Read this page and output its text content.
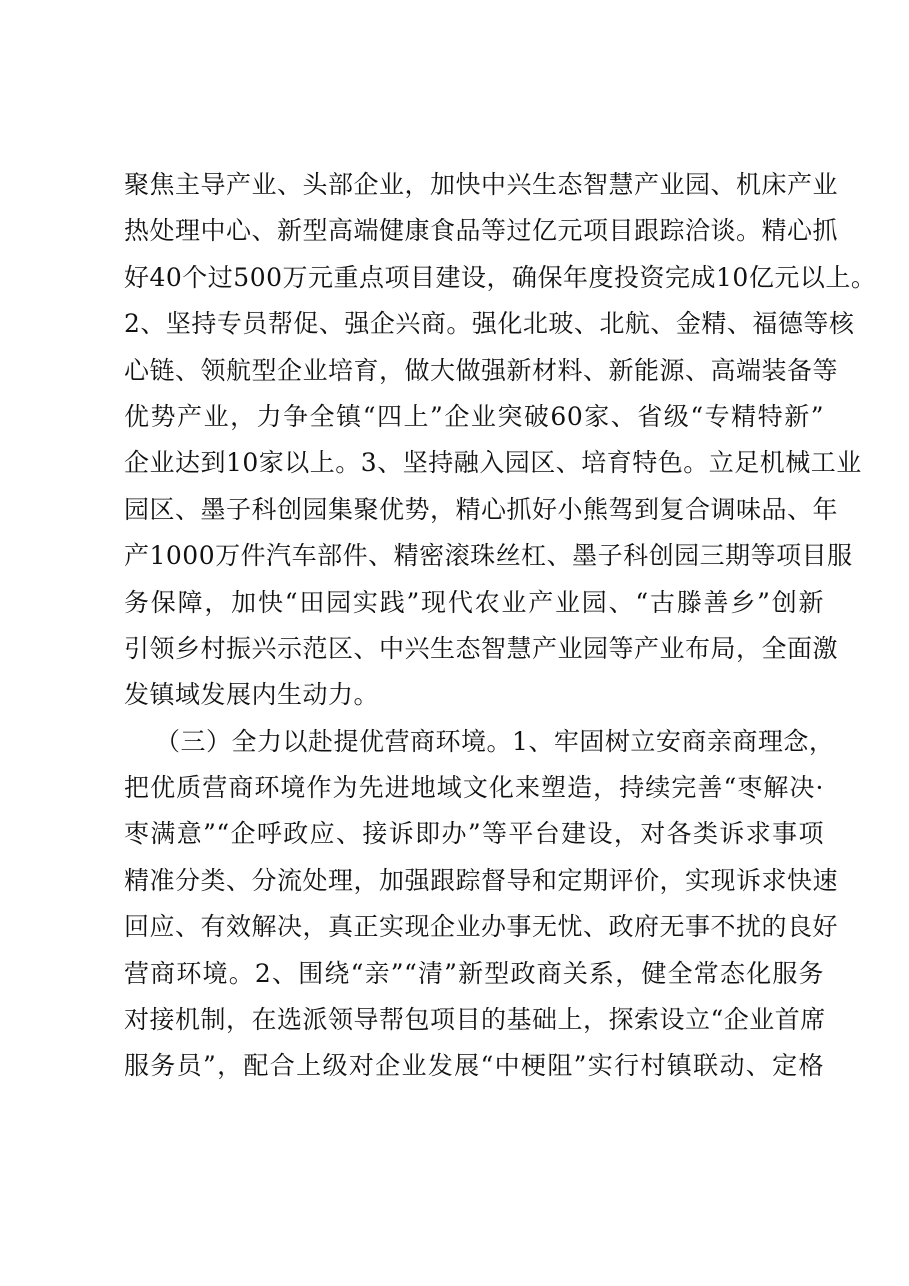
聚焦主导产业、头部企业，加快中兴生态智慧产业园、机床产业
热处理中心、新型高端健康食品等过亿元项目跟踪洽谈。精心抓
好40个过500万元重点项目建设，确保年度投资完成10亿元以上。
2、坚持专员帮促、强企兴商。强化北玻、北航、金精、福德等核
心链、领航型企业培育，做大做强新材料、新能源、高端装备等
优势产业，力争全镇“四上”企业突破60家、省级“专精特新”
企业达到10家以上。3、坚持融入园区、培育特色。立足机械工业
园区、墨子科创园集聚优势，精心抓好小熊驾到复合调味品、年
产1000万件汽车部件、精密滚珠丝杠、墨子科创园三期等项目服
务保障，加快“田园实践”现代农业产业园、“古滕善乡”创新
引领乡村振兴示范区、中兴生态智慧产业园等产业布局，全面激
发镇域发展内生动力。
（三）全力以赴提优营商环境。1、牢固树立安商亲商理念，
把优质营商环境作为先进地域文化来塑造，持续完善“枣解决·
枣满意”“企呼政应、接诉即办”等平台建设，对各类诉求事项
精准分类、分流处理，加强跟踪督导和定期评价，实现诉求快速
回应、有效解决，真正实现企业办事无忧、政府无事不扰的良好
营商环境。2、围绕“亲”“清”新型政商关系，健全常态化服务
对接机制，在选派领导帮包项目的基础上，探索设立“企业首席
服务员”，配合上级对企业发展“中梗阻”实行村镇联动、定格
